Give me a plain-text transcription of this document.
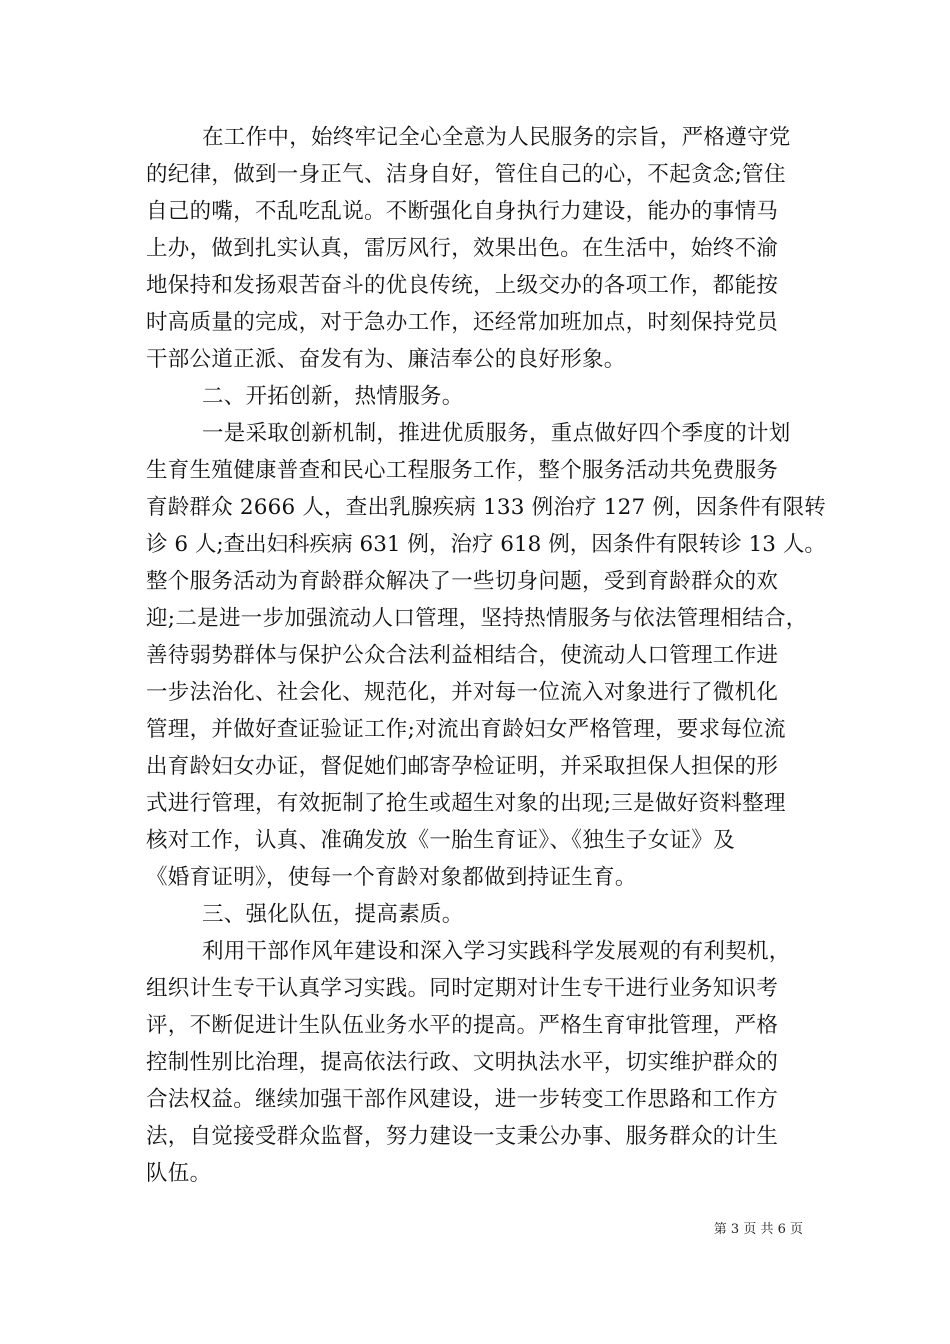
在工作中，始终牢记全心全意为人民服务的宗旨，严格遵守党
的纪律，做到一身正气、洁身自好，管住自己的心，不起贪念;管住
自己的嘴，不乱吃乱说。不断强化自身执行力建设，能办的事情马
上办，做到扎实认真，雷厉风行，效果出色。在生活中，始终不渝
地保持和发扬艰苦奋斗的优良传统，上级交办的各项工作，都能按
时高质量的完成，对于急办工作，还经常加班加点，时刻保持党员
干部公道正派、奋发有为、廉洁奉公的良好形象。
二、开拓创新，热情服务。
一是采取创新机制，推进优质服务，重点做好四个季度的计划
生育生殖健康普查和民心工程服务工作，整个服务活动共免费服务
育龄群众 2666 人，查出乳腺疾病 133 例治疗 127 例，因条件有限转
诊 6 人;查出妇科疾病 631 例，治疗 618 例，因条件有限转诊 13 人。
整个服务活动为育龄群众解决了一些切身问题，受到育龄群众的欢
迎;二是进一步加强流动人口管理，坚持热情服务与依法管理相结合，
善待弱势群体与保护公众合法利益相结合，使流动人口管理工作进
一步法治化、社会化、规范化，并对每一位流入对象进行了微机化
管理，并做好查证验证工作;对流出育龄妇女严格管理，要求每位流
出育龄妇女办证，督促她们邮寄孕检证明，并采取担保人担保的形
式进行管理，有效扼制了抢生或超生对象的出现;三是做好资料整理
核对工作，认真、准确发放《一胎生育证》、《独生子女证》及
《婚育证明》，使每一个育龄对象都做到持证生育。
三、强化队伍，提高素质。
利用干部作风年建设和深入学习实践科学发展观的有利契机，
组织计生专干认真学习实践。同时定期对计生专干进行业务知识考
评，不断促进计生队伍业务水平的提高。严格生育审批管理，严格
控制性别比治理，提高依法行政、文明执法水平，切实维护群众的
合法权益。继续加强干部作风建设，进一步转变工作思路和工作方
法，自觉接受群众监督，努力建设一支秉公办事、服务群众的计生
队伍。
第 3 页 共 6 页
